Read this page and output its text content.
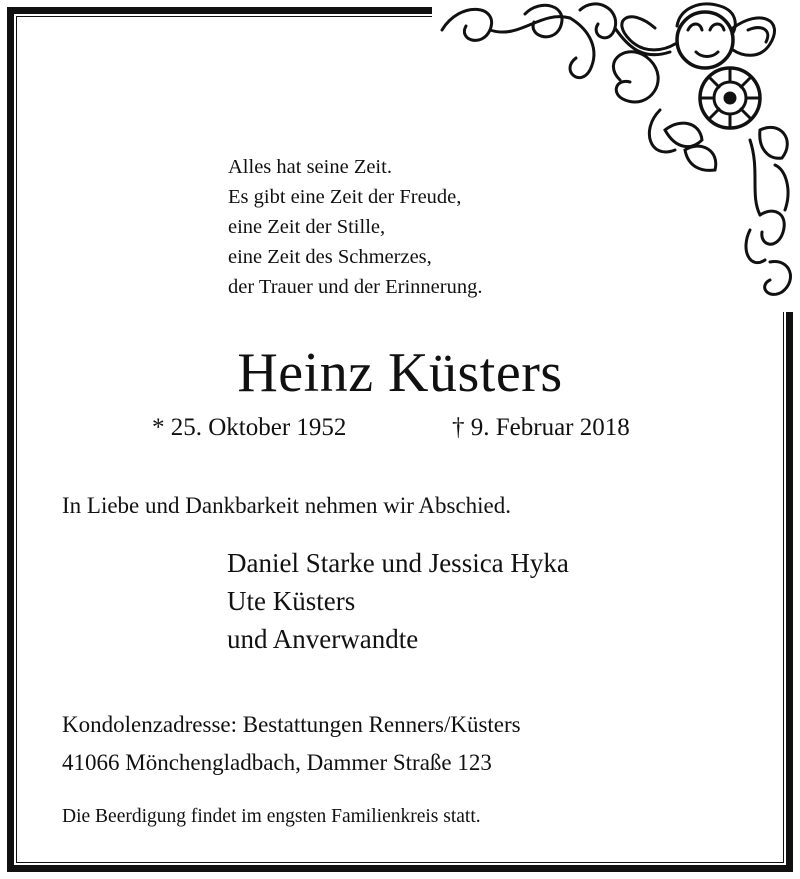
Alles hat seine Zeit.
Es gibt eine Zeit der Freude,
eine Zeit der Stille,
eine Zeit des Schmerzes,
der Trauer und der Erinnerung.
Heinz Küsters
* 25. Oktober 1952	† 9. Februar 2018
In Liebe und Dankbarkeit nehmen wir Abschied.
Daniel Starke und Jessica Hyka
Ute Küsters
und Anverwandte
Kondolenzadresse: Bestattungen Renners/Küsters
41066 Mönchengladbach, Dammer Straße 123
Die Beerdigung findet im engsten Familienkreis statt.
